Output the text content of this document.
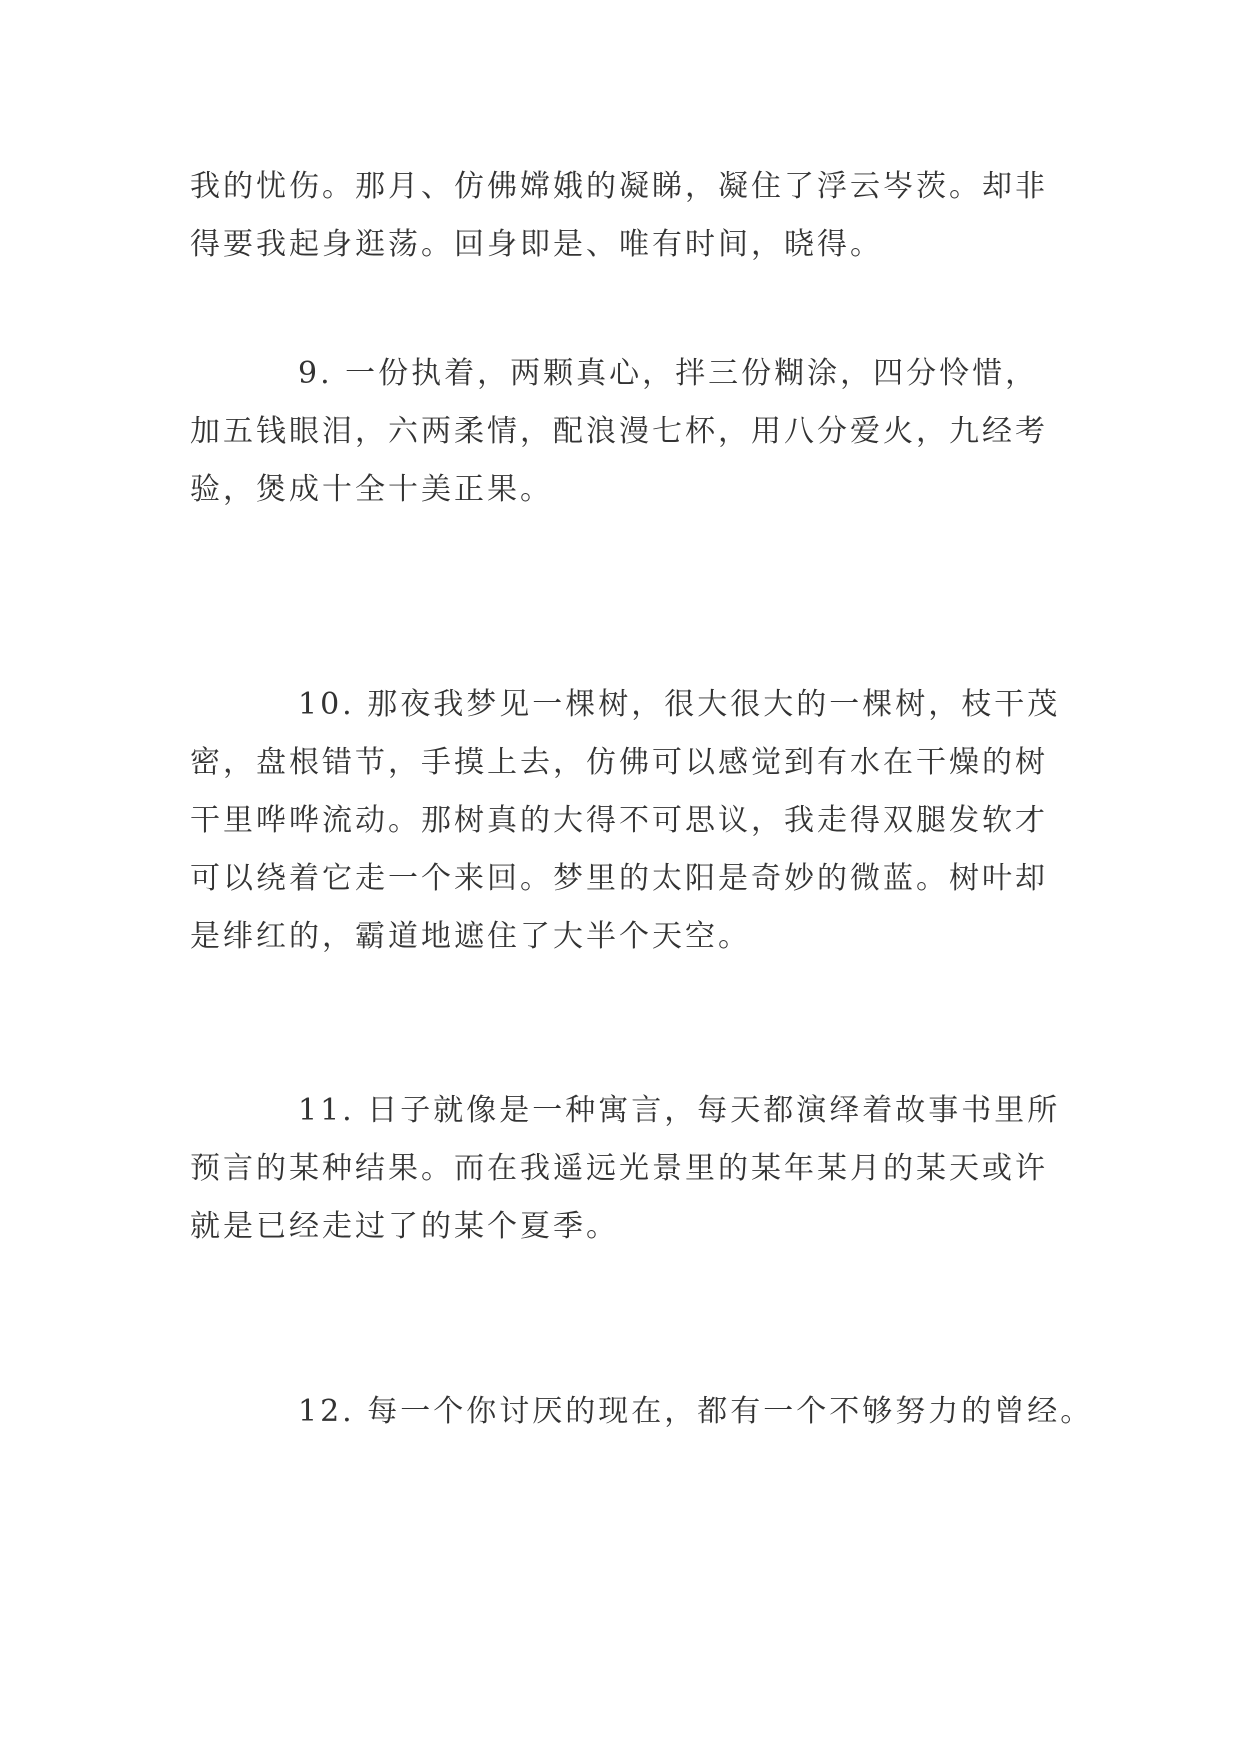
我的忧伤。那月、仿佛嫦娥的凝睇，凝住了浮云岑茨。却非
得要我起身逛荡。回身即是、唯有时间，晓得。
9. 一份执着，两颗真心，拌三份糊涂，四分怜惜，
加五钱眼泪，六两柔情，配浪漫七杯，用八分爱火，九经考
验，煲成十全十美正果。
10. 那夜我梦见一棵树，很大很大的一棵树，枝干茂
密，盘根错节，手摸上去，仿佛可以感觉到有水在干燥的树
干里哗哗流动。那树真的大得不可思议，我走得双腿发软才
可以绕着它走一个来回。梦里的太阳是奇妙的微蓝。树叶却
是绯红的，霸道地遮住了大半个天空。
11. 日子就像是一种寓言，每天都演绎着故事书里所
预言的某种结果。而在我遥远光景里的某年某月的某天或许
就是已经走过了的某个夏季。
12. 每一个你讨厌的现在，都有一个不够努力的曾经。
